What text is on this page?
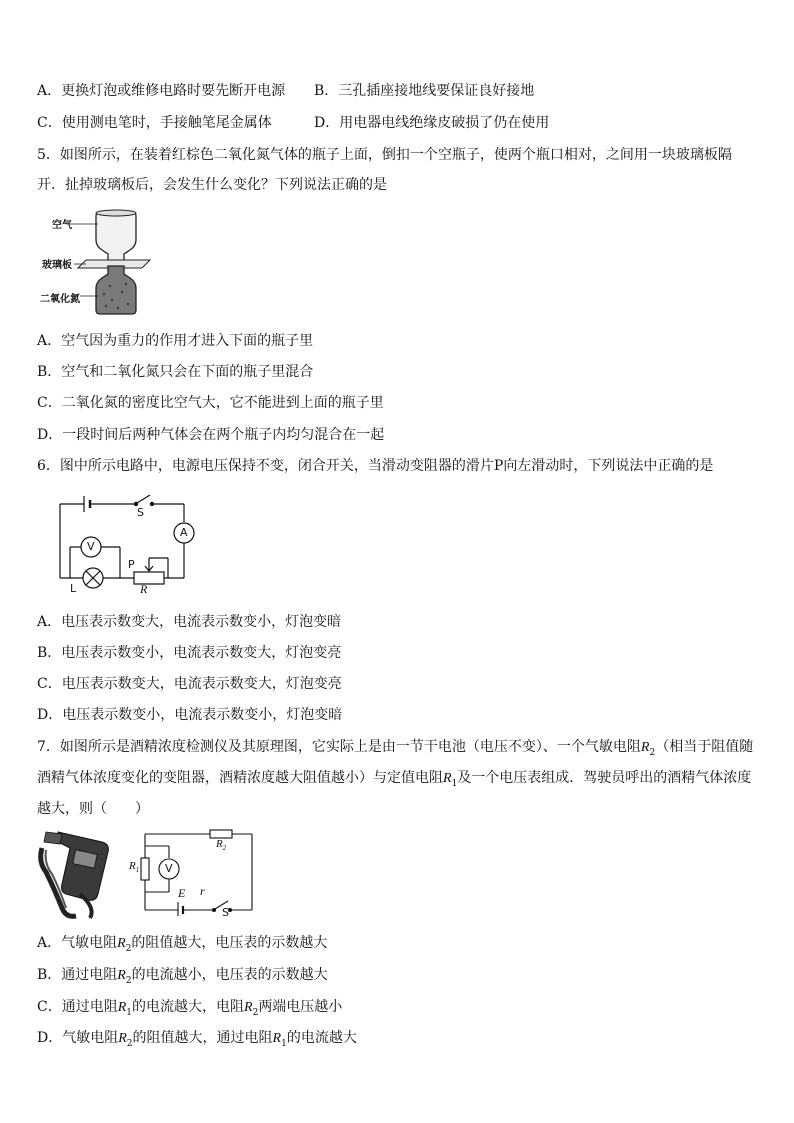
A．更换灯泡或维修电路时要先断开电源 B．三孔插座接地线要保证良好接地
C．使用测电笔时，手接触笔尾金属体	D．用电器电线绝缘皮破损了仍在使用
5．如图所示，在装着红棕色二氧化氮气体的瓶子上面，倒扣一个空瓶子，使两个瓶口相对，之间用一块玻璃板隔
开．扯掉玻璃板后，会发生什么变化？下列说法正确的是
空气
玻璃板
二氧化氮
A．空气因为重力的作用才进入下面的瓶子里
B．空气和二氧化氮只会在下面的瓶子里混合
C．二氧化氮的密度比空气大，它不能进到上面的瓶子里
D．一段时间后两种气体会在两个瓶子内均匀混合在一起
6．图中所示电路中，电源电压保持不变，闭合开关，当滑动变阻器的滑片P向左滑动时，下列说法中正确的是
S
A
V
P
R
L
A．电压表示数变大，电流表示数变小，灯泡变暗
B．电压表示数变小，电流表示数变大，灯泡变亮
C．电压表示数变大，电流表示数变大，灯泡变亮
D．电压表示数变小，电流表示数变小，灯泡变暗
7．如图所示是酒精浓度检测仪及其原理图，它实际上是由一节干电池（电压不变）、一个气敏电阻$R_2$（相当于阻值随
酒精气体浓度变化的变阻器，酒精浓度越大阻值越小）与定值电阻$R_1$及一个电压表组成．驾驶员呼出的酒精气体浓度
越大，则（　　）
$R_2$
$R_1$ V
E r
S
A．气敏电阻$R_2$的阻值越大，电压表的示数越大
B．通过电阻$R_2$的电流越小，电压表的示数越大
C．通过电阻$R_1$的电流越大，电阻$R_2$两端电压越小
D．气敏电阻$R_2$的阻值越大，通过电阻$R_1$的电流越大
